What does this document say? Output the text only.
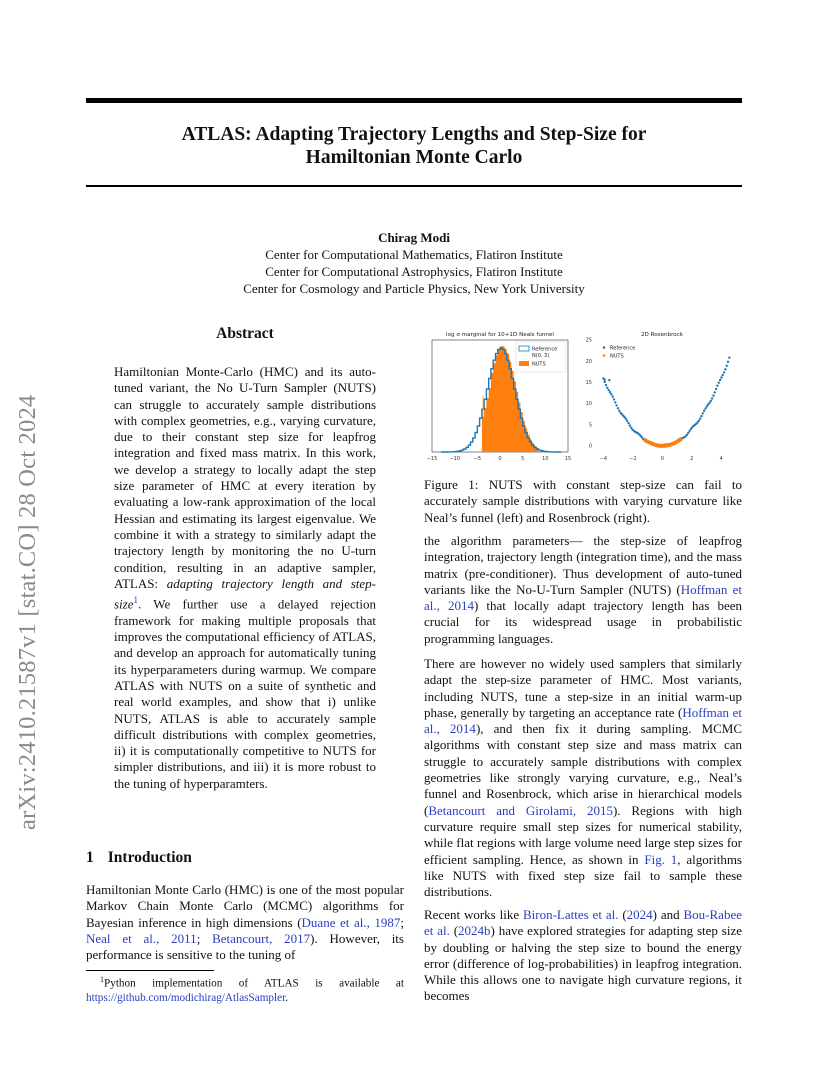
arXiv:2410.21587v1 [stat.CO] 28 Oct 2024
ATLAS: Adapting Trajectory Lengths and Step-Size for
Hamiltonian Monte Carlo
Chirag Modi
Center for Computational Mathematics, Flatiron Institute
Center for Computational Astrophysics, Flatiron Institute
Center for Cosmology and Particle Physics, New York University
Abstract

Hamiltonian Monte-Carlo (HMC) and its auto-tuned variant, the No U-Turn Sampler (NUTS) can struggle to accurately sample distributions with complex geometries, e.g., varying curvature, due to their constant step size for leapfrog integration and fixed mass matrix. In this work, we develop a strategy to locally adapt the step size parameter of HMC at every iteration by evaluating a low-rank approximation of the local Hessian and estimating its largest eigenvalue. We combine it with a strategy to similarly adapt the trajectory length by monitoring the no U-turn condition, resulting in an adaptive sampler, ATLAS: adapting trajectory length and step-size$^1$. We further use a delayed rejection framework for making multiple proposals that improves the computational efficiency of ATLAS, and develop an approach for automatically tuning its hyperparameters during warmup. We compare ATLAS with NUTS on a suite of synthetic and real world examples, and show that i) unlike NUTS, ATLAS is able to accurately sample difficult distributions with complex geometries, ii) it is computationally competitive to NUTS for simpler distributions, and iii) it is more robust to the tuning of hyperparamters.

1 Introduction

Hamiltonian Monte Carlo (HMC) is one of the most popular Markov Chain Monte Carlo (MCMC) algorithms for Bayesian inference in high dimensions (Duane et al., 1987; Neal et al., 2011; Betancourt, 2017). However, its performance is sensitive to the tuning of

$^1$Python implementation of ATLAS is available at https://github.com/modichirag/AtlasSampler.

log σ marginal for 10+1D Neals funnel
−15 −10	−5	0	5	10	15
Reference
N(0, 3)
NUTS
2D Rosenbrock
0
5
10
15
20
25
−4	−2	0	2	4
Reference
NUTS
Figure 1: NUTS with constant step-size can fail to accurately sample distributions with varying curvature like Neal’s funnel (left) and Rosenbrock (right).

the algorithm parameters— the step-size of leapfrog integration, trajectory length (integration time), and the mass matrix (pre-conditioner). Thus development of auto-tuned variants like the No-U-Turn Sampler (NUTS) (Hoffman et al., 2014) that locally adapt trajectory length has been crucial for its widespread usage in probabilistic programming languages.

There are however no widely used samplers that similarly adapt the step-size parameter of HMC. Most variants, including NUTS, tune a step-size in an initial warm-up phase, generally by targeting an acceptance rate (Hoffman et al., 2014), and then fix it during sampling. MCMC algorithms with constant step size and mass matrix can struggle to accurately sample distributions with complex geometries like strongly varying curvature, e.g., Neal’s funnel and Rosenbrock, which arise in hierarchical models (Betancourt and Girolami, 2015). Regions with high curvature require small step sizes for numerical stability, while flat regions with large volume need large step sizes for efficient sampling. Hence, as shown in Fig. 1, algorithms like NUTS with fixed step size fail to sample these distributions.

Recent works like Biron-Lattes et al. (2024) and Bou-Rabee et al. (2024b) have explored strategies for adapting step size by doubling or halving the step size to bound the energy error (difference of log-probabilities) in leapfrog integration. While this allows one to navigate high curvature regions, it becomes
